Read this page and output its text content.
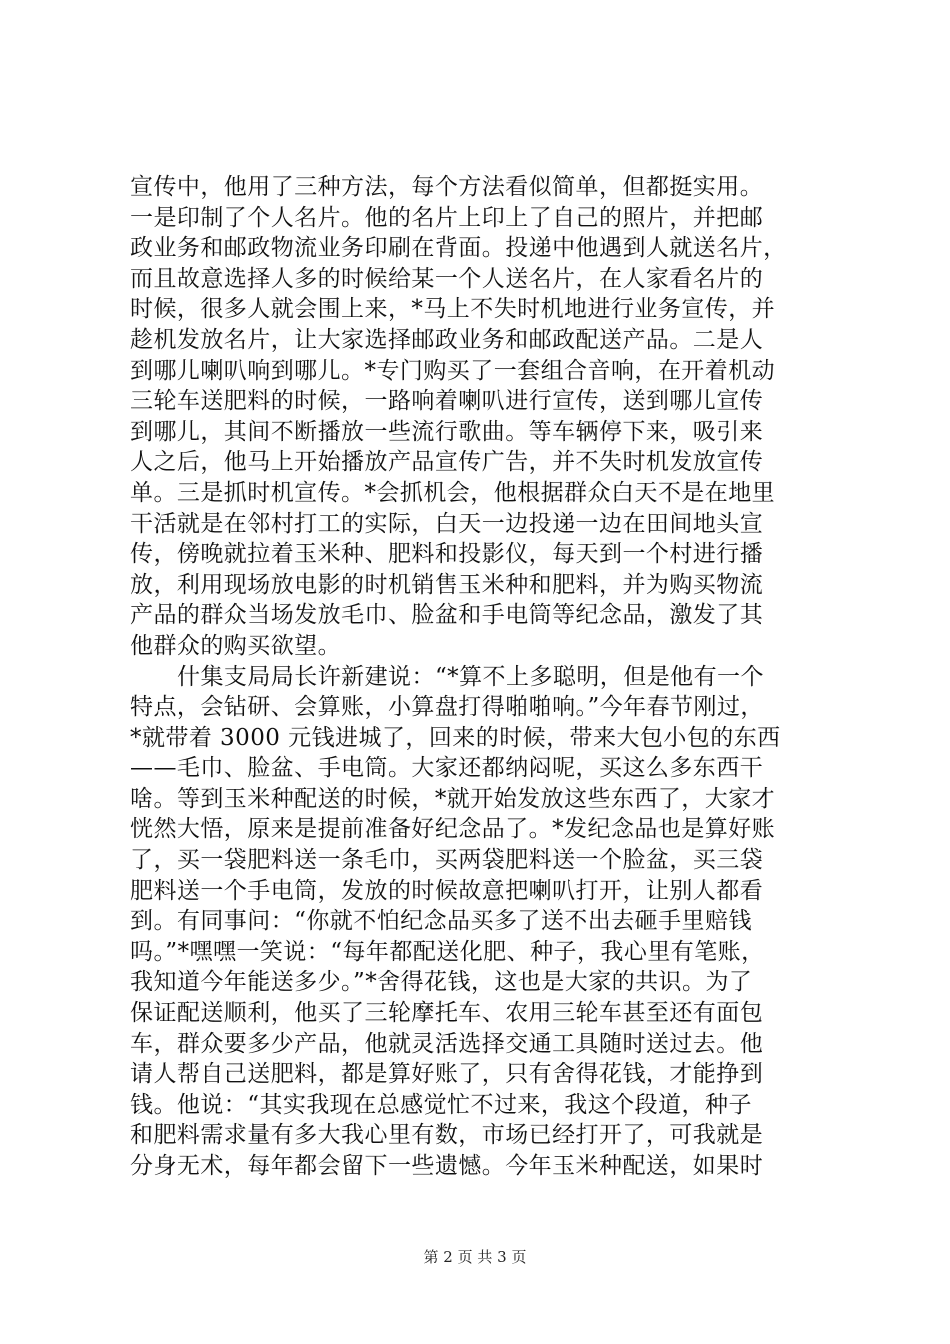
宣传中，他用了三种方法，每个方法看似简单，但都挺实用。
一是印制了个人名片。他的名片上印上了自己的照片，并把邮
政业务和邮政物流业务印刷在背面。投递中他遇到人就送名片，
而且故意选择人多的时候给某一个人送名片，在人家看名片的
时候，很多人就会围上来，*马上不失时机地进行业务宣传，并
趁机发放名片，让大家选择邮政业务和邮政配送产品。二是人
到哪儿喇叭响到哪儿。*专门购买了一套组合音响，在开着机动
三轮车送肥料的时候，一路响着喇叭进行宣传，送到哪儿宣传
到哪儿，其间不断播放一些流行歌曲。等车辆停下来，吸引来
人之后，他马上开始播放产品宣传广告，并不失时机发放宣传
单。三是抓时机宣传。*会抓机会，他根据群众白天不是在地里
干活就是在邻村打工的实际，白天一边投递一边在田间地头宣
传，傍晚就拉着玉米种、肥料和投影仪，每天到一个村进行播
放，利用现场放电影的时机销售玉米种和肥料，并为购买物流
产品的群众当场发放毛巾、脸盆和手电筒等纪念品，激发了其
他群众的购买欲望。
什集支局局长许新建说：“*算不上多聪明，但是他有一个
特点，会钻研、会算账，小算盘打得啪啪响。”今年春节刚过，
*就带着 3000 元钱进城了，回来的时候，带来大包小包的东西
——毛巾、脸盆、手电筒。大家还都纳闷呢，买这么多东西干
啥。等到玉米种配送的时候，*就开始发放这些东西了，大家才
恍然大悟，原来是提前准备好纪念品了。*发纪念品也是算好账
了，买一袋肥料送一条毛巾，买两袋肥料送一个脸盆，买三袋
肥料送一个手电筒，发放的时候故意把喇叭打开，让别人都看
到。有同事问：“你就不怕纪念品买多了送不出去砸手里赔钱
吗。”*嘿嘿一笑说：“每年都配送化肥、种子，我心里有笔账，
我知道今年能送多少。”*舍得花钱，这也是大家的共识。为了
保证配送顺利，他买了三轮摩托车、农用三轮车甚至还有面包
车，群众要多少产品，他就灵活选择交通工具随时送过去。他
请人帮自己送肥料，都是算好账了，只有舍得花钱，才能挣到
钱。他说：“其实我现在总感觉忙不过来，我这个段道，种子
和肥料需求量有多大我心里有数，市场已经打开了，可我就是
分身无术，每年都会留下一些遗憾。今年玉米种配送，如果时
第 2 页 共 3 页
